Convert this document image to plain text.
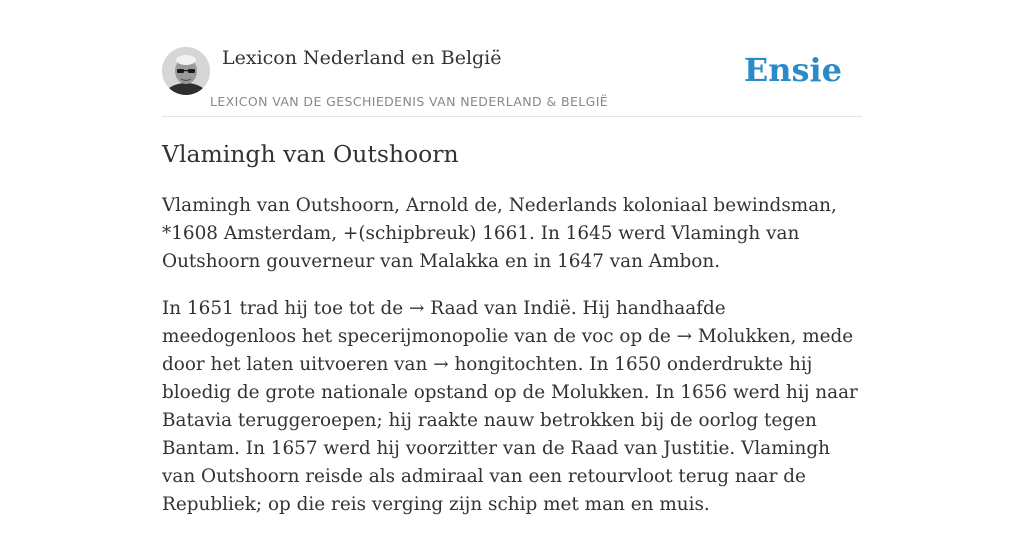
Lexicon Nederland en België
LEXICON VAN DE GESCHIEDENIS VAN NEDERLAND & BELGIË
Ensie
Vlamingh van Outshoorn

Vlamingh van Outshoorn, Arnold de, Nederlands koloniaal bewindsman, *1608 Amsterdam, +(schipbreuk) 1661. In 1645 werd Vlamingh van Outshoorn gouverneur van Malakka en in 1647 van Ambon.

In 1651 trad hij toe tot de → Raad van Indië. Hij handhaafde meedogenloos het specerijmonopolie van de voc op de → Molukken, mede door het laten uitvoeren van → hongitochten. In 1650 onderdrukte hij bloedig de grote nationale opstand op de Molukken. In 1656 werd hij naar Batavia teruggeroepen; hij raakte nauw betrokken bij de oorlog tegen Bantam. In 1657 werd hij voorzitter van de Raad van Justitie. Vlamingh van Outshoorn reisde als admiraal van een retourvloot terug naar de Republiek; op die reis verging zijn schip met man en muis.
